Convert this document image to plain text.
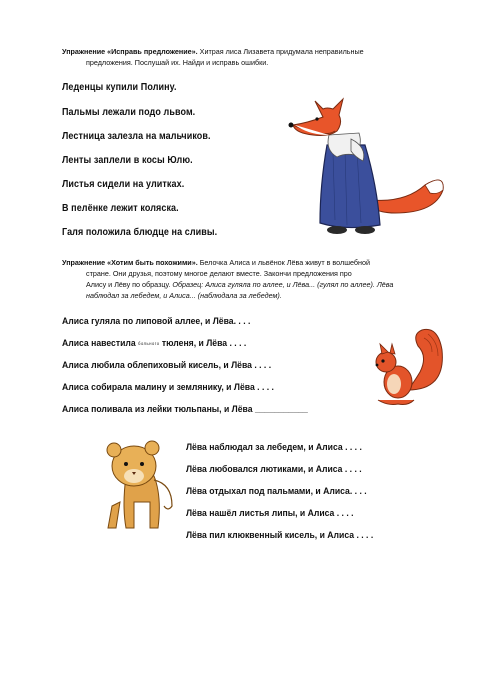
Упражнение «Исправь предложение». Хитрая лиса Лизавета придумала неправильные
предложения. Послушай их. Найди и исправь ошибки.
Леденцы купили Полину.
Пальмы лежали подо львом.
Лестница залезла на мальчиков.
Ленты заплели в косы Юлю.
Листья сидели на улитках.
В пелёнке лежит коляска.
Галя положила блюдце на сливы.
Упражнение «Хотим быть похожими». Белочка Алиса и львёнок Лёва живут в волшебной
стране. Они друзья, поэтому многое делают вместе. Закончи предложения про
Алису и Лёву по образцу. Образец: Алиса гуляла по аллее, и Лёва... (гулял по аллее). Лёва
наблюдал за лебедем, и Алиса... (наблюдала за лебедем).
Алиса гуляла по липовой аллее, и Лёва. . . .
Алиса навестила больного тюленя, и Лёва . . . .
Алиса любила облепиховый кисель, и Лёва . . . .
Алиса собирала малину и землянику, и Лёва . . . .
Алиса поливала из лейки тюльпаны, и Лёва ___________
Лёва наблюдал за лебедем, и Алиса . . . .
Лёва любовался лютиками, и Алиса . . . .
Лёва отдыхал под пальмами, и Алиса. . . .
Лёва нашёл листья липы, и Алиса . . . .
Лёва пил клюквенный кисель, и Алиса . . . .
